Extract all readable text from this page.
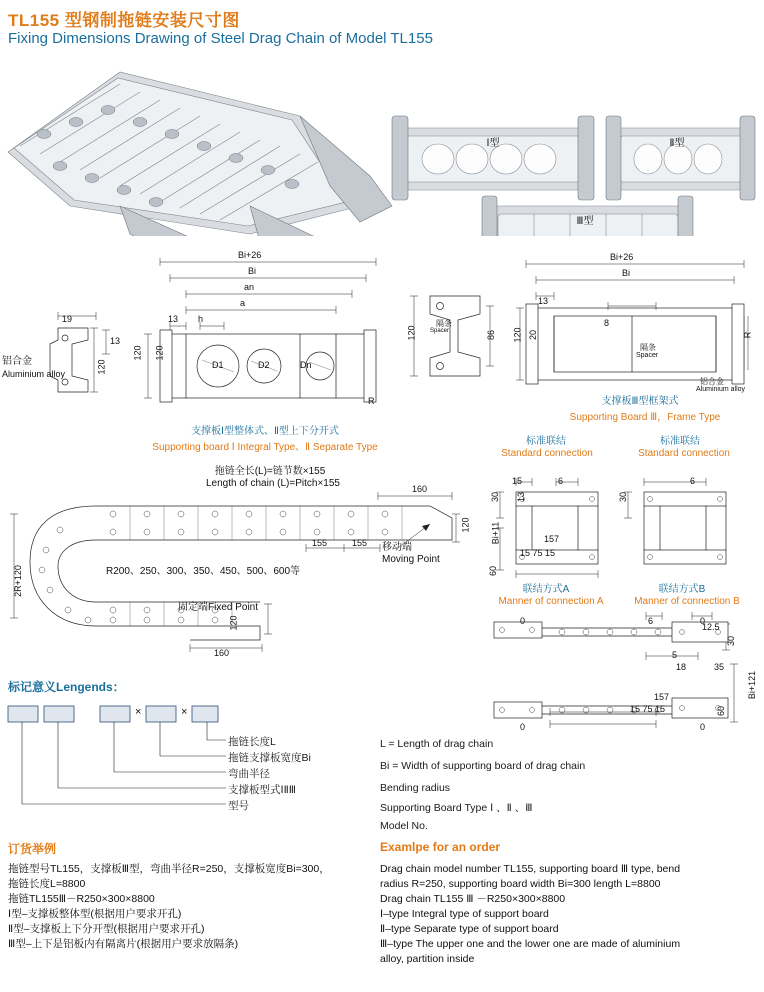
TL155 型钢制拖链安装尺寸图
Fixing Dimensions Drawing of Steel Drag Chain of Model TL155
Ⅰ型	Ⅱ型
Ⅲ型
Bi+26
Bi
an
a
13 h
120 120
R
D1	D2	Dn
19
13
120
铝合金
Aluminium alloy
支撑板Ⅰ型整体式、Ⅱ型上下分开式
Supporting board Ⅰ Integral Type、Ⅱ Separate Type
120	86
隔条
Spacer
Bi+26
Bi
13
8
120 20	R
隔条
Spacer
铝合金
Aluminium alloy
支撑板Ⅲ型框架式
Supporting Board Ⅲ，Frame Type
160
155
155
120
2R+120
160
120
拖链全长(L)=链节数×155
Length of chain (L)=Pitch×155
移动端
Moving Point
固定端Fixed Point
R200、250、300、350、450、500、600等
标准联结
Standard connection
标准联结
Standard connection
15	6	6
30	30
13
Bi+11
60
157
15 75 15
联结方式A
Manner of connection A
联结方式B
Manner of connection B
0	0
6
12.5
30
5
18	35
Bi+121
157
15 75 15	60
0	0
标记意义Lengends：
×	×
拖链长度L
拖链支撑板宽度Bi
弯曲半径
支撑板型式ⅠⅡⅢ
型号
L = Length of drag chain
Bi = Width of supporting board of drag chain
Bending radius
Supporting Board Type Ⅰ 、Ⅱ 、Ⅲ
Model No.
订货举例
拖链型号TL155，支撑板Ⅲ型，弯曲半径R=250，支撑板宽度Bi=300，
拖链长度L=8800
拖链TL155Ⅲ－R250×300×8800
Ⅰ型–支撑板整体型(根据用户要求开孔)
Ⅱ型–支撑板上下分开型(根据用户要求开孔)
Ⅲ型–上下是铝板内有隔离片(根据用户要求放隔条)
Examlpe for an order
Drag chain model number TL155, supporting board Ⅲ type, bend
radius R=250, supporting board width Bi=300 length L=8800
Drag chain TL155 Ⅲ －R250×300×8800
Ⅰ–type Integral type of support board
Ⅱ–type Separate type of support board
Ⅲ–type The upper one and the lower one are made of aluminium
alloy, partition inside
